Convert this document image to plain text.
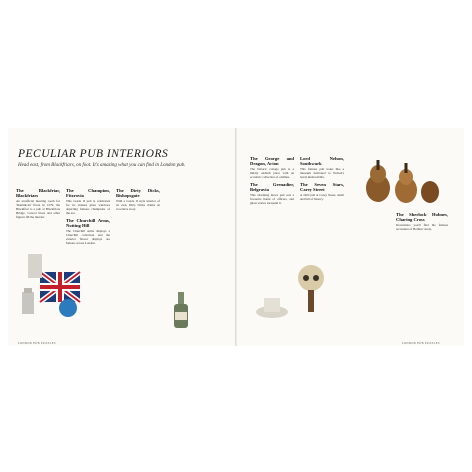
PECULIAR PUB INTERIORS
Head east, from Blackfriars, on foot. It's amazing what you can find in London pub.
The Blackfriar, Blackfriars

An unofficial meeting room for 'Dominican' friars in 1279, the Blackfriar is a pub at Blackfriars Bridge. Carved friars and other figures fill the interior.

The Champion, Fitzrovia

This Grade II pub is celebrated for its stained glass windows depicting famous champions of the era.

The Churchill Arms, Notting Hill

The Churchill Arms displays a Churchill collection and the exterior flower displays are famous across London.

The Dirty Dicks, Bishopsgate

With a Grade II style interior of its own, Dirty Dicks claims an evocative story.

The George and Dragon, Acton

The historic cottage pub is a mildly oddball place with an eccentric collection of oddities.

The Grenadier, Belgravia

This charming mews pub was a favourite haunt of officers, and ghost stories surround it.

Lord Nelson, Southwark

This famous pub looks like a museum dedicated to Nelson's naval memorabilia.

The Seven Stars, Carey Street

A 1602 pub at Carey Street, small and full of history.

The Sherlock Holmes, Charing Cross

Downstairs you'll find the famous recreation of Holmes' study.

LONDON PUB PUZZLES	LONDON PUB PUZZLES
